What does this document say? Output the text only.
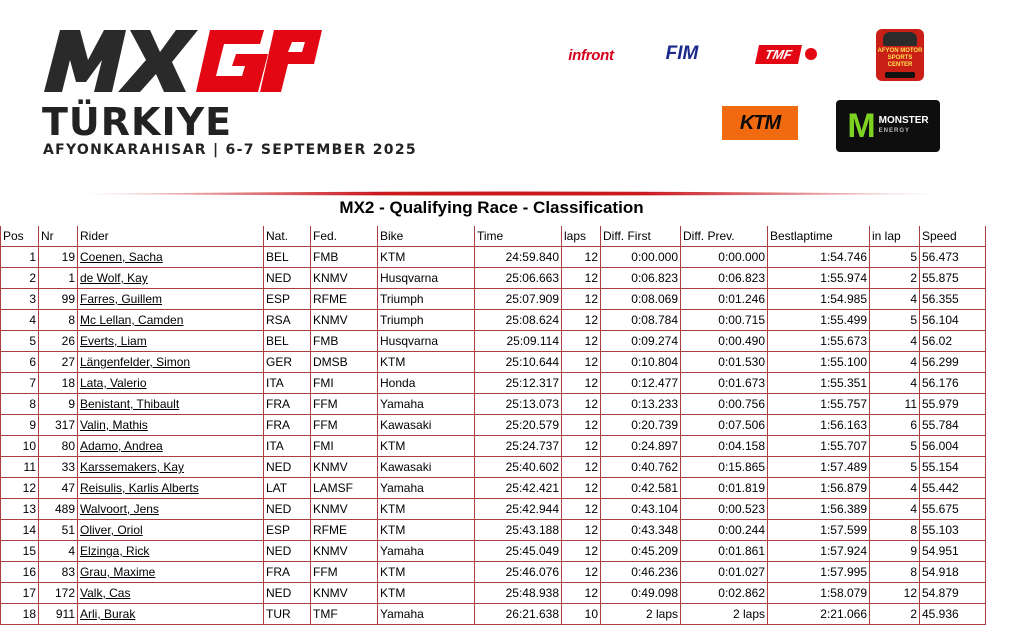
TÜRKIYE

AFYONKARAHISAR | 6-7 SEPTEMBER 2025

infront	FIM	TMF	AFYON MOTOR SPORTS CENTER
KTM M MONSTER
ENERGY
MX2 - Qualifying Race - Classification
Pos	Nr	Rider	Nat.	Fed.	Bike	Time	laps	Diff. First	Diff. Prev.	Bestlaptime	in lap	Speed
1	19	Coenen, Sacha	BEL	FMB	KTM	24:59.840	12	0:00.000	0:00.000	1:54.746	5	56.473
2	1	de Wolf, Kay	NED	KNMV	Husqvarna	25:06.663	12	0:06.823	0:06.823	1:55.974	2	55.875
3	99	Farres, Guillem	ESP	RFME	Triumph	25:07.909	12	0:08.069	0:01.246	1:54.985	4	56.355
4	8	Mc Lellan, Camden	RSA	KNMV	Triumph	25:08.624	12	0:08.784	0:00.715	1:55.499	5	56.104
5	26	Everts, Liam	BEL	FMB	Husqvarna	25:09.114	12	0:09.274	0:00.490	1:55.673	4	56.02
6	27	Längenfelder, Simon	GER	DMSB	KTM	25:10.644	12	0:10.804	0:01.530	1:55.100	4	56.299
7	18	Lata, Valerio	ITA	FMI	Honda	25:12.317	12	0:12.477	0:01.673	1:55.351	4	56.176
8	9	Benistant, Thibault	FRA	FFM	Yamaha	25:13.073	12	0:13.233	0:00.756	1:55.757	11	55.979
9	317	Valin, Mathis	FRA	FFM	Kawasaki	25:20.579	12	0:20.739	0:07.506	1:56.163	6	55.784
10	80	Adamo, Andrea	ITA	FMI	KTM	25:24.737	12	0:24.897	0:04.158	1:55.707	5	56.004
11	33	Karssemakers, Kay	NED	KNMV	Kawasaki	25:40.602	12	0:40.762	0:15.865	1:57.489	5	55.154
12	47	Reisulis, Karlis Alberts	LAT	LAMSF	Yamaha	25:42.421	12	0:42.581	0:01.819	1:56.879	4	55.442
13	489	Walvoort, Jens	NED	KNMV	KTM	25:42.944	12	0:43.104	0:00.523	1:56.389	4	55.675
14	51	Oliver, Oriol	ESP	RFME	KTM	25:43.188	12	0:43.348	0:00.244	1:57.599	8	55.103
15	4	Elzinga, Rick	NED	KNMV	Yamaha	25:45.049	12	0:45.209	0:01.861	1:57.924	9	54.951
16	83	Grau, Maxime	FRA	FFM	KTM	25:46.076	12	0:46.236	0:01.027	1:57.995	8	54.918
17	172	Valk, Cas	NED	KNMV	KTM	25:48.938	12	0:49.098	0:02.862	1:58.079	12	54.879
18	911	Arli, Burak	TUR	TMF	Yamaha	26:21.638	10	2 laps	2 laps	2:21.066	2	45.936
